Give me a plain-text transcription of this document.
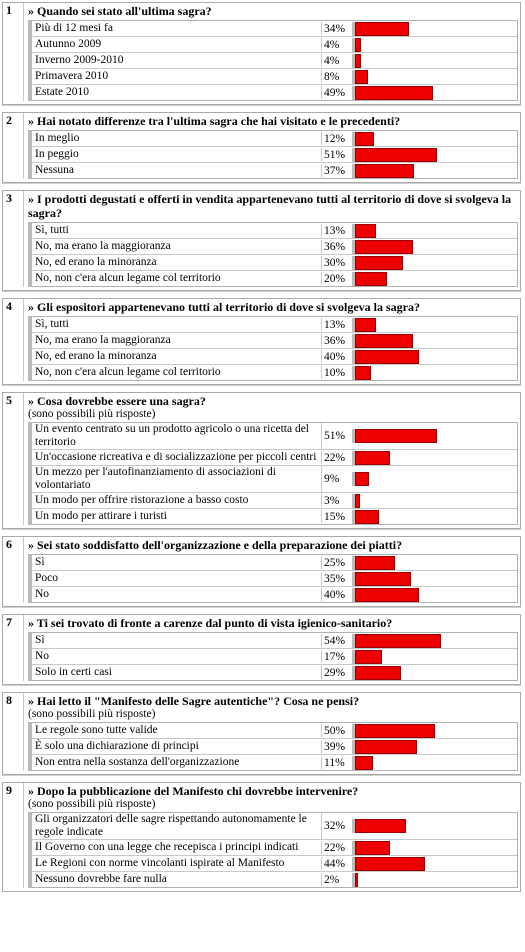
1	» Quando sei stato all'ultima sagra?
Più di 12 mesi fa	34%
Autunno 2009	4%
Inverno 2009-2010	4%
Primavera 2010	8%
Estate 2010	49%
2	» Hai notato differenze tra l'ultima sagra che hai visitato e le precedenti?
In meglio	12%
In peggio	51%
Nessuna	37%
3	» I prodotti degustati e offerti in vendita appartenevano tutti al territorio di dove si svolgeva la sagra?
Sì, tutti	13%
No, ma erano la maggioranza	36%
No, ed erano la minoranza	30%
No, non c'era alcun legame col territorio	20%
4	» Gli espositori appartenevano tutti al territorio di dove si svolgeva la sagra?
Sì, tutti	13%
No, ma erano la maggioranza	36%
No, ed erano la minoranza	40%
No, non c'era alcun legame col territorio	10%
5	» Cosa dovrebbe essere una sagra?
(sono possibili più risposte)
Un evento centrato su un prodotto agricolo o una ricetta del territorio	51%
Un'occasione ricreativa e di socializzazione per piccoli centri 22%
Un mezzo per l'autofinanziamento di associazioni di volontariato	9%
Un modo per offrire ristorazione a basso costo	3%
Un modo per attirare i turisti	15%
6	» Sei stato soddisfatto dell'organizzazione e della preparazione dei piatti?
Sì	25%
Poco	35%
No	40%
7	» Ti sei trovato di fronte a carenze dal punto di vista igienico-sanitario?
Sì	54%
No	17%
Solo in certi casi	29%
8	» Hai letto il "Manifesto delle Sagre autentiche"? Cosa ne pensi?
(sono possibili più risposte)
Le regole sono tutte valide	50%
È solo una dichiarazione di principi	39%
Non entra nella sostanza dell'organizzazione	11%
9	» Dopo la pubblicazione del Manifesto chi dovrebbe intervenire?
(sono possibili più risposte)
Gli organizzatori delle sagre rispettando autonomamente le regole indicate	32%
Il Governo con una legge che recepisca i principi indicati	22%
Le Regioni con norme vincolanti ispirate al Manifesto	44%
Nessuno dovrebbe fare nulla	2%
